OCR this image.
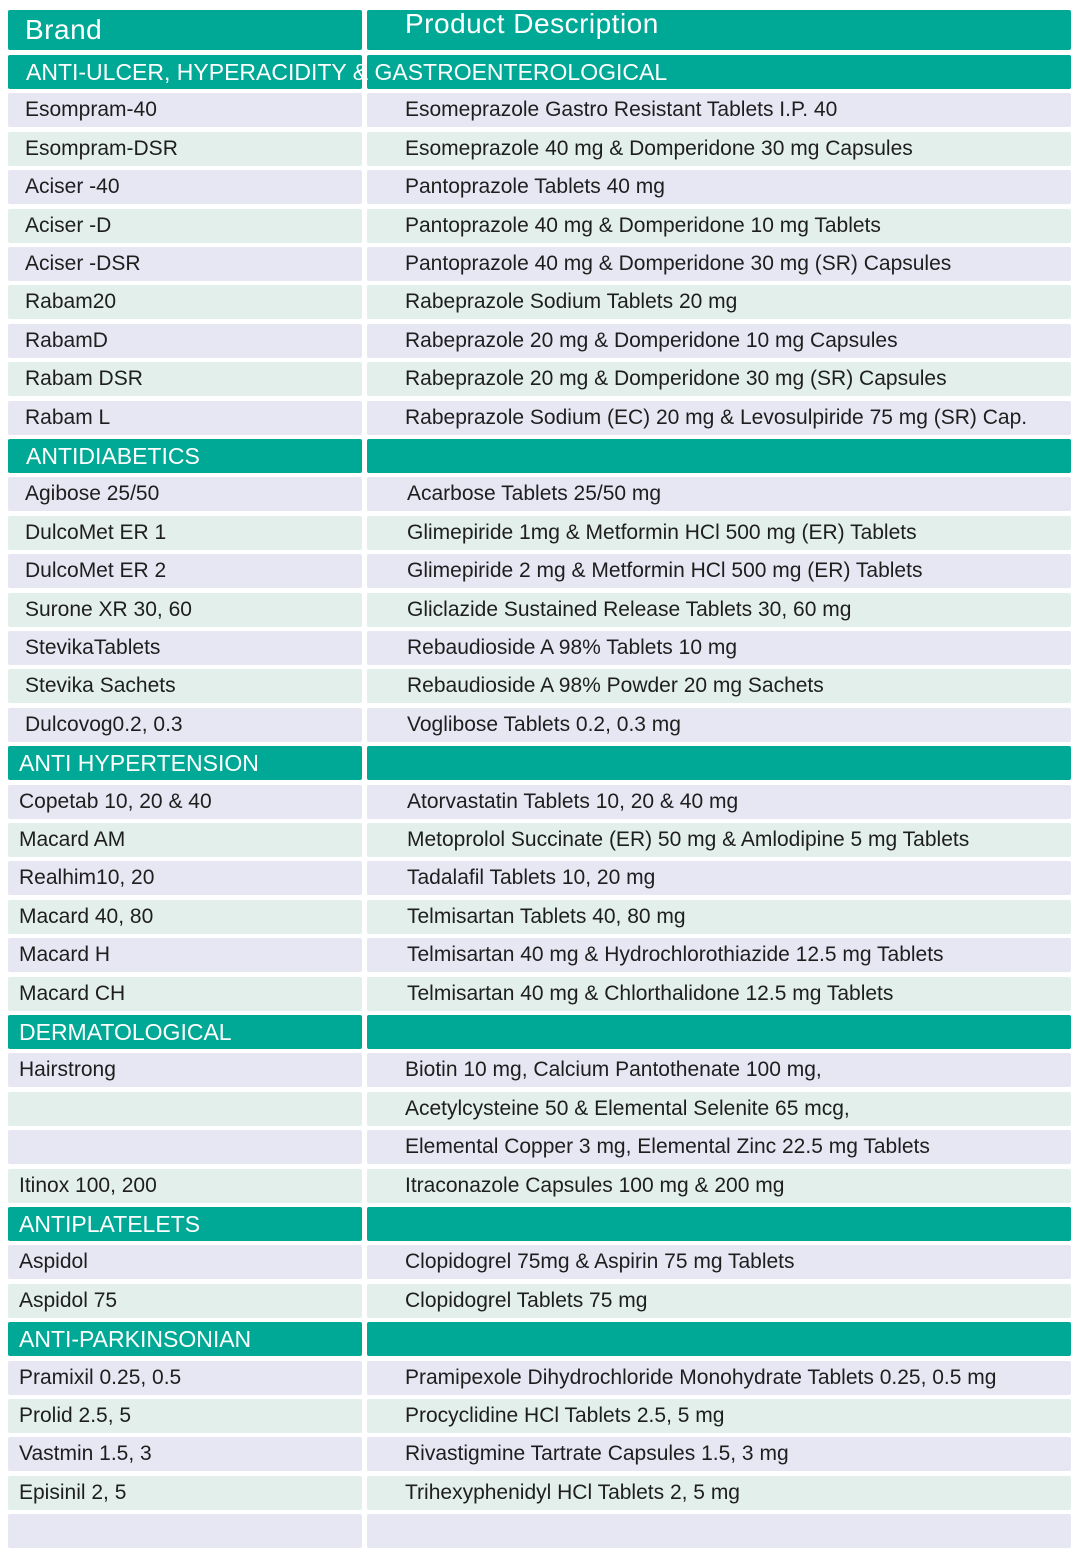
Brand	Product Description
ANTI-ULCER, HYPERACIDITY & GASTROENTEROLOGICAL
Esompram-40	Esomeprazole Gastro Resistant Tablets I.P. 40
Esompram-DSR	Esomeprazole 40 mg & Domperidone 30 mg Capsules
Aciser -40	Pantoprazole Tablets 40 mg
Aciser -D	Pantoprazole 40 mg & Domperidone 10 mg Tablets
Aciser -DSR	Pantoprazole 40 mg & Domperidone 30 mg (SR) Capsules
Rabam20	Rabeprazole Sodium Tablets 20 mg
RabamD	Rabeprazole 20 mg & Domperidone 10 mg Capsules
Rabam DSR	Rabeprazole 20 mg & Domperidone 30 mg (SR) Capsules
Rabam L	Rabeprazole Sodium (EC) 20 mg & Levosulpiride 75 mg (SR) Cap.
ANTIDIABETICS
Agibose 25/50	Acarbose Tablets 25/50 mg
DulcoMet ER 1	Glimepiride 1mg & Metformin HCl 500 mg (ER) Tablets
DulcoMet ER 2	Glimepiride 2 mg & Metformin HCl 500 mg (ER) Tablets
Surone XR 30, 60	Gliclazide Sustained Release Tablets 30, 60 mg
StevikaTablets	Rebaudioside A 98% Tablets 10 mg
Stevika Sachets	Rebaudioside A 98% Powder 20 mg Sachets
Dulcovog0.2, 0.3	Voglibose Tablets 0.2, 0.3 mg
ANTI HYPERTENSION
Copetab 10, 20 & 40	Atorvastatin Tablets 10, 20 & 40 mg
Macard AM	Metoprolol Succinate (ER) 50 mg & Amlodipine 5 mg Tablets
Realhim10, 20	Tadalafil Tablets 10, 20 mg
Macard 40, 80	Telmisartan Tablets 40, 80 mg
Macard H	Telmisartan 40 mg & Hydrochlorothiazide 12.5 mg Tablets
Macard CH	Telmisartan 40 mg & Chlorthalidone 12.5 mg Tablets
DERMATOLOGICAL
Hairstrong	Biotin 10 mg, Calcium Pantothenate 100 mg,
Acetylcysteine 50 & Elemental Selenite 65 mcg,
Elemental Copper 3 mg, Elemental Zinc 22.5 mg Tablets
Itinox 100, 200	Itraconazole Capsules 100 mg & 200 mg
ANTIPLATELETS
Aspidol	Clopidogrel 75mg & Aspirin 75 mg Tablets
Aspidol 75	Clopidogrel Tablets 75 mg
ANTI-PARKINSONIAN
Pramixil 0.25, 0.5	Pramipexole Dihydrochloride Monohydrate Tablets 0.25, 0.5 mg
Prolid 2.5, 5	Procyclidine HCl Tablets 2.5, 5 mg
Vastmin 1.5, 3	Rivastigmine Tartrate Capsules 1.5, 3 mg
Episinil 2, 5	Trihexyphenidyl HCl Tablets 2, 5 mg
